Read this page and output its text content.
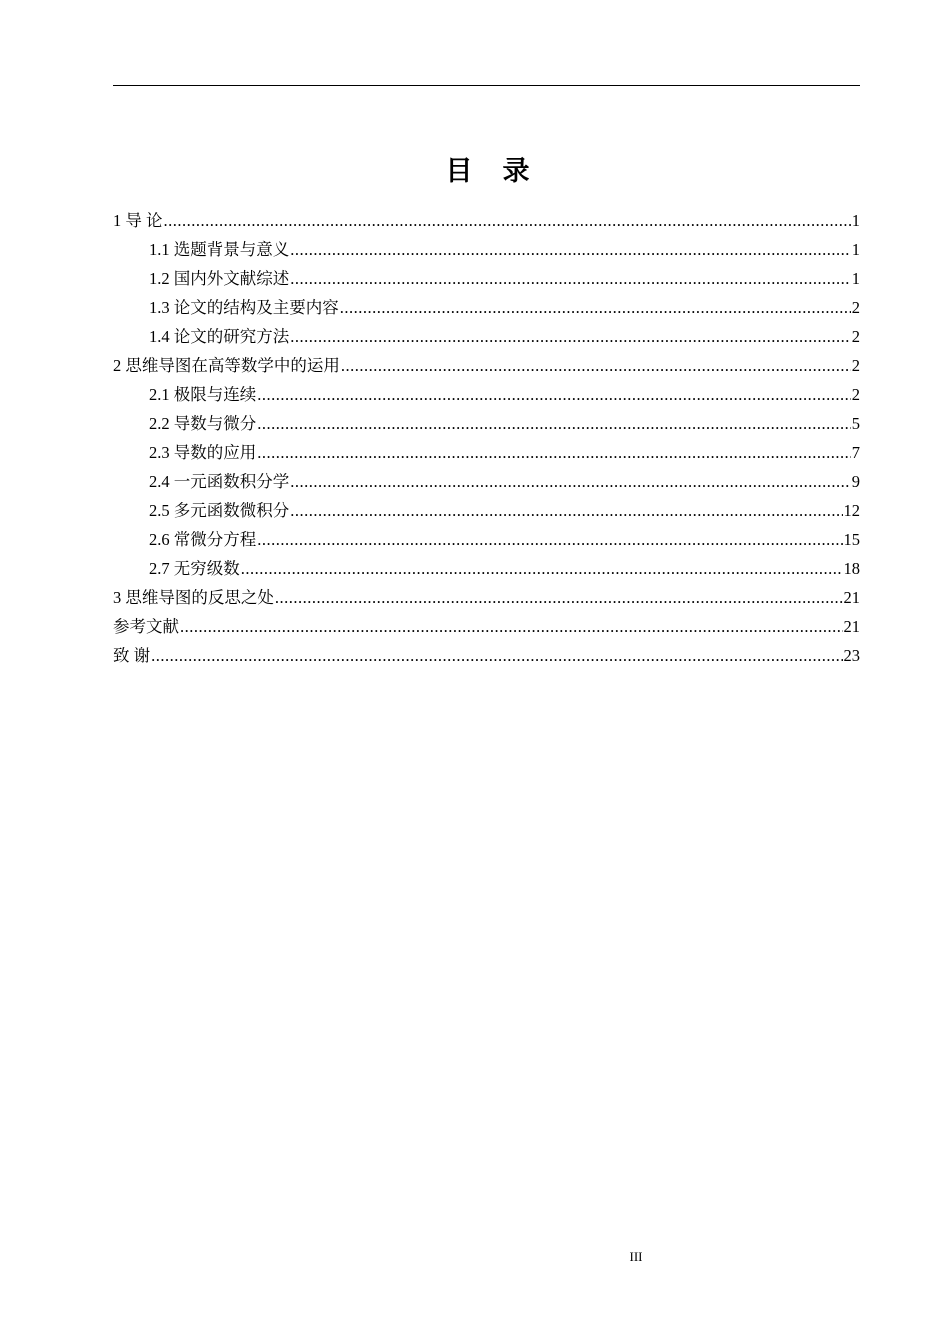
目 录
1 导 论 .....	1
1.1 选题背景与意义 .....	1
1.2 国内外文献综述 .....	1
1.3 论文的结构及主要内容 .....	2
1.4 论文的研究方法 .....	2
2 思维导图在高等数学中的运用 .....	2
2.1 极限与连续 .....	2
2.2 导数与微分 .....	5
2.3 导数的应用 .....	7
2.4 一元函数积分学 .....	9
2.5 多元函数微积分 .....	12
2.6 常微分方程 .....	15
2.7 无穷级数 .....	18
3 思维导图的反思之处 .....	21
参考文献 .....	21
致 谢 .....	23
III
